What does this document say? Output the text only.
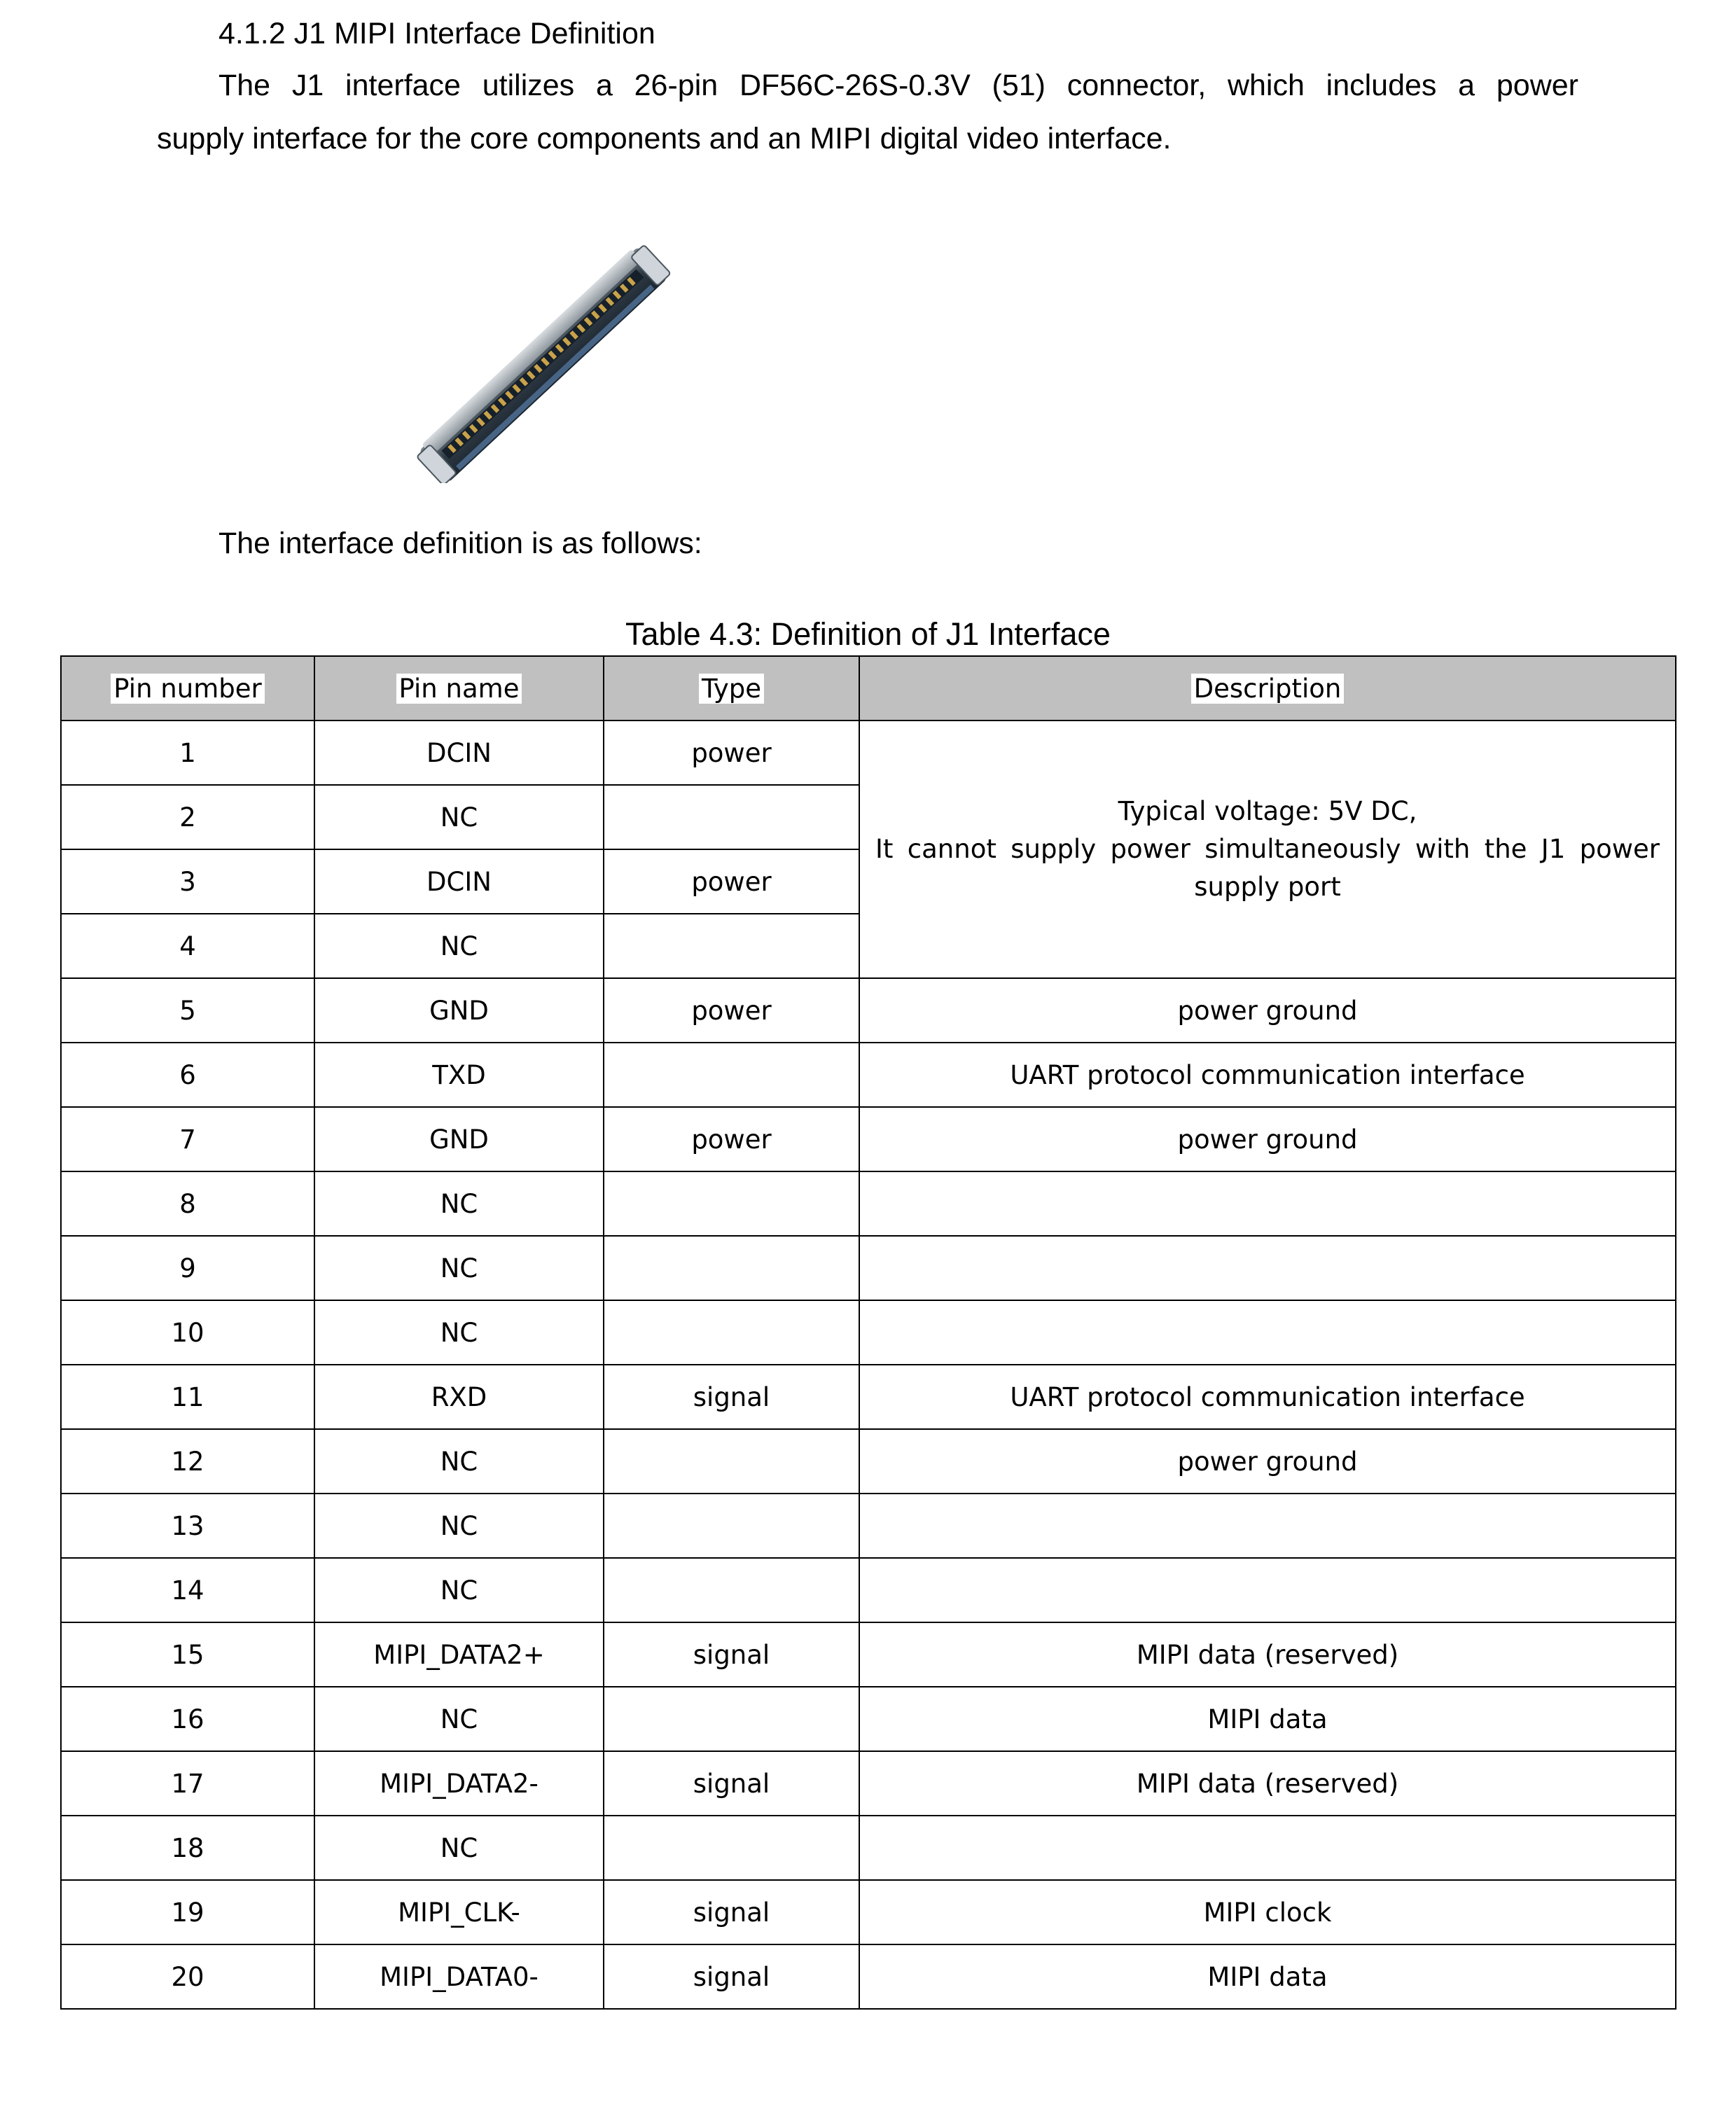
4.1.2 J1 MIPI Interface Definition
The J1 interface utilizes a 26-pin DF56C-26S-0.3V (51) connector, which includes a power
supply interface for the core components and an MIPI digital video interface.
The interface definition is as follows:
Table 4.3: Definition of J1 Interface
Pin number	Pin name	Type	Description
1	DCIN	power	Typical voltage: 5V DC,
It cannot supply power simultaneously with the J1 power
supply port

2	NC		
3	DCIN	power	
4	NC		
5	GND	power	power ground
6	TXD		UART protocol communication interface
7	GND	power	power ground
8	NC		
9	NC		
10	NC		
11	RXD	signal	UART protocol communication interface
12	NC		power ground
13	NC		
14	NC		
15	MIPI_DATA2+	signal	MIPI data (reserved)
16	NC		MIPI data
17	MIPI_DATA2-	signal	MIPI data (reserved)
18	NC		
19	MIPI_CLK-	signal	MIPI clock
20	MIPI_DATA0-	signal	MIPI data
